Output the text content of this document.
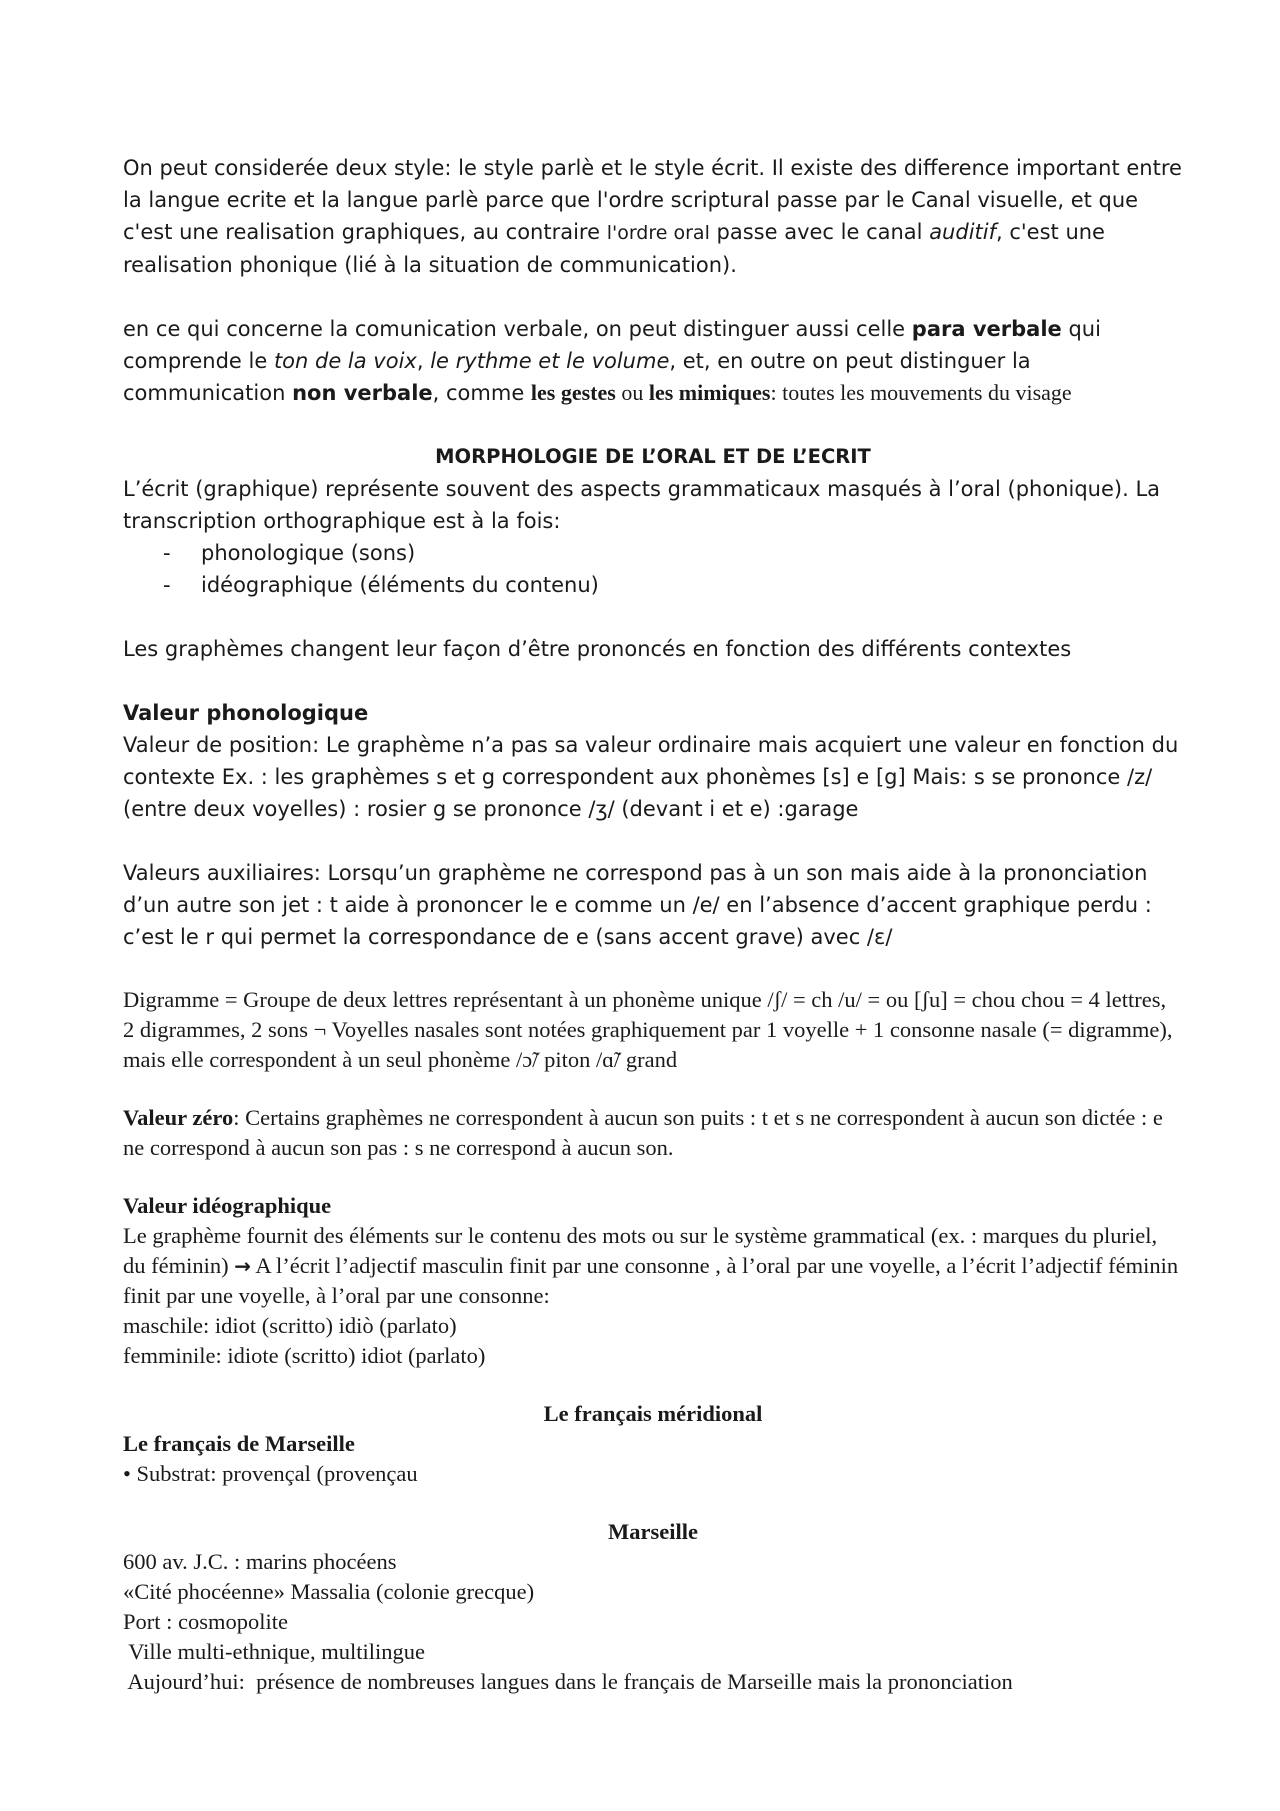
On peut considerée deux style: le style parlè et le style écrit. Il existe des difference important entre la langue ecrite et la langue parlè parce que l'ordre scriptural passe par le Canal visuelle, et que c'est une realisation graphiques, au contraire l'ordre oral passe avec le canal auditif, c'est une realisation phonique (lié à la situation de communication).

en ce qui concerne la comunication verbale, on peut distinguer aussi celle para verbale qui comprende le ton de la voix, le rythme et le volume, et, en outre on peut distinguer la communication non verbale, comme les gestes ou les mimiques: toutes les mouvements du visage

MORPHOLOGIE DE L’ORAL ET DE L’ECRIT

L’écrit (graphique) représente souvent des aspects grammaticaux masqués à l’oral (phonique). La transcription orthographique est à la fois:

- phonologique (sons)
- idéographique (éléments du contenu)

Les graphèmes changent leur façon d’être prononcés en fonction des différents contextes

Valeur phonologique

Valeur de position: Le graphème n’a pas sa valeur ordinaire mais acquiert une valeur en fonction du contexte Ex. : les graphèmes s et g correspondent aux phonèmes [s] e [g] Mais: s se prononce /z/ (entre deux voyelles) : rosier g se prononce /ʒ/ (devant i et e) :garage

Valeurs auxiliaires: Lorsqu’un graphème ne correspond pas à un son mais aide à la prononciation d’un autre son jet : t aide à prononcer le e comme un /e/ en l’absence d’accent graphique perdu : c’est le r qui permet la correspondance de e (sans accent grave) avec /ɛ/

Digramme = Groupe de deux lettres représentant à un phonème unique /ʃ/ = ch /u/ = ou [ʃu] = chou chou = 4 lettres, 2 digrammes, 2 sons ¬ Voyelles nasales sont notées graphiquement par 1 voyelle + 1 consonne nasale (= digramme), mais elle correspondent à un seul phonème /ɔ̃/ piton /ɑ̃/ grand

Valeur zéro: Certains graphèmes ne correspondent à aucun son puits : t et s ne correspondent à aucun son dictée : e ne correspond à aucun son pas : s ne correspond à aucun son.

Valeur idéographique

Le graphème fournit des éléments sur le contenu des mots ou sur le système grammatical (ex. : marques du pluriel, du féminin) → A l’écrit l’adjectif masculin finit par une consonne , à l’oral par une voyelle, a l’écrit l’adjectif féminin finit par une voyelle, à l’oral par une consonne:

maschile: idiot (scritto) idiò (parlato)

femminile: idiote (scritto) idiot (parlato)

Le français méridional

Le français de Marseille

• Substrat: provençal (provençau

Marseille

600 av. J.C. : marins phocéens

«Cité phocéenne» Massalia (colonie grecque)

Port : cosmopolite

Ville multi-ethnique, multilingue

Aujourd’hui:  présence de nombreuses langues dans le français de Marseille mais la prononciation
